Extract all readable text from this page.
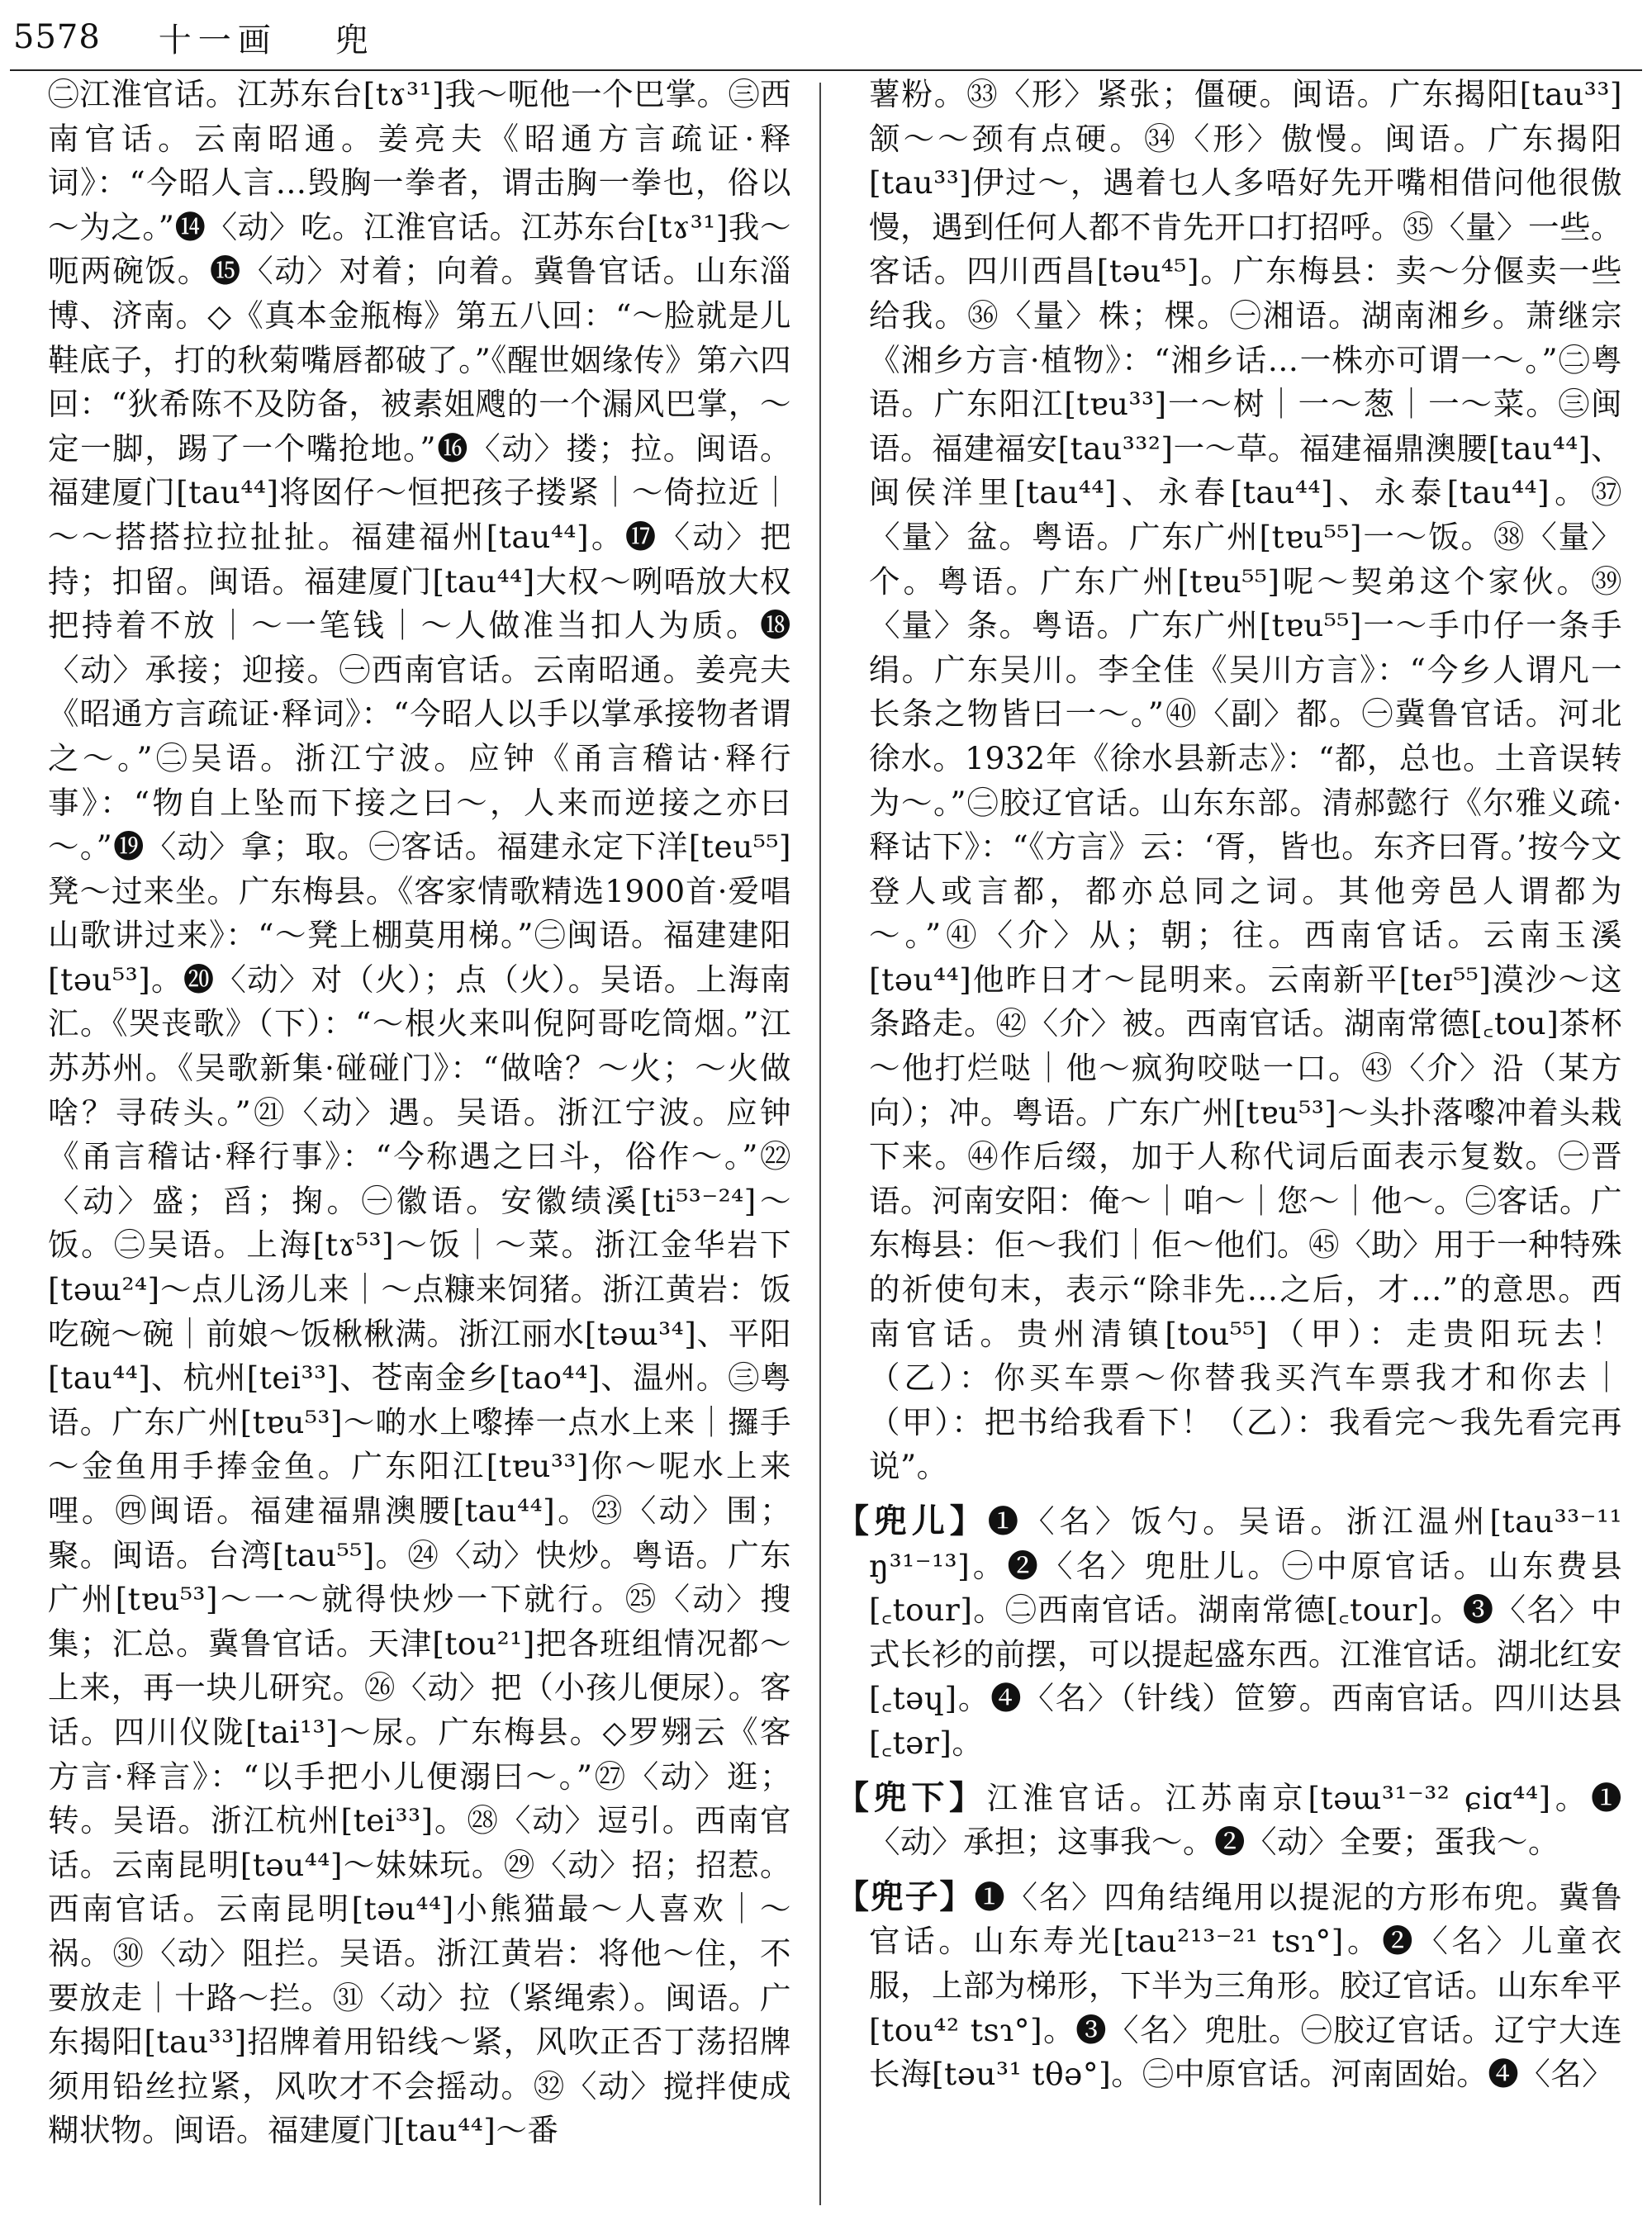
5578 十一画 兜

㊁江淮官话。江苏东台[tɤ³¹]我～呃他一个巴掌。㊂西南官话。云南昭通。姜亮夫《昭通方言疏证·释词》：“今昭人言…毁胸一拳者，谓击胸一拳也，俗以～为之。”⓮〈动〉吃。江淮官话。江苏东台[tɤ³¹]我～呃两碗饭。⓯〈动〉对着；向着。冀鲁官话。山东淄博、济南。◇《真本金瓶梅》第五八回：“～脸就是儿鞋底子，打的秋菊嘴唇都破了。”《醒世姻缘传》第六四回：“狄希陈不及防备，被素姐飕的一个漏风巴掌，～定一脚，踢了一个嘴抢地。”⓰〈动〉搂；拉。闽语。福建厦门[tau⁴⁴]将囡仔～恒把孩子搂紧｜～倚拉近｜～～搭搭拉拉扯扯。福建福州[tau⁴⁴]。⓱〈动〉把持；扣留。闽语。福建厦门[tau⁴⁴]大权～咧唔放大权把持着不放｜～一笔钱｜～人做准当扣人为质。⓲〈动〉承接；迎接。㊀西南官话。云南昭通。姜亮夫《昭通方言疏证·释词》：“今昭人以手以掌承接物者谓之～。”㊁吴语。浙江宁波。应钟《甬言稽诂·释行事》：“物自上坠而下接之曰～，人来而逆接之亦曰～。”⓳〈动〉拿；取。㊀客话。福建永定下洋[teu⁵⁵]凳～过来坐。广东梅县。《客家情歌精选1900首·爱唱山歌讲过来》：“～凳上棚莫用梯。”㊁闽语。福建建阳[təu⁵³]。⓴〈动〉对（火）；点（火）。吴语。上海南汇。《哭丧歌》（下）：“～根火来叫倪阿哥吃筒烟。”江苏苏州。《吴歌新集·碰碰门》：“做啥？～火；～火做啥？寻砖头。”㉑〈动〉遇。吴语。浙江宁波。应钟《甬言稽诂·释行事》：“今称遇之曰斗，俗作～。”㉒〈动〉盛；舀；掬。㊀徽语。安徽绩溪[ti⁵³⁻²⁴]～饭。㊁吴语。上海[tɤ⁵³]～饭｜～菜。浙江金华岩下[təɯ²⁴]～点儿汤儿来｜～点糠来饲猪。浙江黄岩：饭吃碗～碗｜前娘～饭楸楸满。浙江丽水[təɯ³⁴]、平阳[tau⁴⁴]、杭州[tei³³]、苍南金乡[tao⁴⁴]、温州。㊂粤语。广东广州[tɐu⁵³]～啲水上嚟捧一点水上来｜攞手～金鱼用手捧金鱼。广东阳江[tɐu³³]你～呢水上来哩。㊃闽语。福建福鼎澳腰[tau⁴⁴]。㉓〈动〉围；聚。闽语。台湾[tau⁵⁵]。㉔〈动〉快炒。粤语。广东广州[tɐu⁵³]～一～就得快炒一下就行。㉕〈动〉搜集；汇总。冀鲁官话。天津[tou²¹]把各班组情况都～上来，再一块儿研究。㉖〈动〉把（小孩儿便尿）。客话。四川仪陇[tai¹³]～尿。广东梅县。◇罗翙云《客方言·释言》：“以手把小儿便溺曰～。”㉗〈动〉逛；转。吴语。浙江杭州[tei³³]。㉘〈动〉逗引。西南官话。云南昆明[təu⁴⁴]～妹妹玩。㉙〈动〉招；招惹。西南官话。云南昆明[təu⁴⁴]小熊猫最～人喜欢｜～祸。㉚〈动〉阻拦。吴语。浙江黄岩：将他～住，不要放走｜十路～拦。㉛〈动〉拉（紧绳索）。闽语。广东揭阳[tau³³]招牌着用铅线～紧，风吹正否丁荡招牌须用铅丝拉紧，风吹才不会摇动。㉜〈动〉搅拌使成糊状物。闽语。福建厦门[tau⁴⁴]～番

薯粉。㉝〈形〉紧张；僵硬。闽语。广东揭阳[tau³³]颔～～颈有点硬。㉞〈形〉傲慢。闽语。广东揭阳[tau³³]伊过～，遇着乜人多唔好先开嘴相借问他很傲慢，遇到任何人都不肯先开口打招呼。㉟〈量〉一些。客话。四川西昌[təu⁴⁵]。广东梅县：卖～分偃卖一些给我。㊱〈量〉株；棵。㊀湘语。湖南湘乡。萧继宗《湘乡方言·植物》：“湘乡话…一株亦可谓一～。”㊁粤语。广东阳江[tɐu³³]一～树｜一～葱｜一～菜。㊂闽语。福建福安[tau³³²]一～草。福建福鼎澳腰[tau⁴⁴]、闽侯洋里[tau⁴⁴]、永春[tau⁴⁴]、永泰[tau⁴⁴]。㊲〈量〉盆。粤语。广东广州[tɐu⁵⁵]一～饭。㊳〈量〉个。粤语。广东广州[tɐu⁵⁵]呢～契弟这个家伙。㊴〈量〉条。粤语。广东广州[tɐu⁵⁵]一～手巾仔一条手绢。广东吴川。李全佳《吴川方言》：“今乡人谓凡一长条之物皆曰一～。”㊵〈副〉都。㊀冀鲁官话。河北徐水。1932年《徐水县新志》：“都，总也。土音误转为～。”㊁胶辽官话。山东东部。清郝懿行《尔雅义疏·释诂下》：“《方言》云：‘胥，皆也。东齐曰胥。’按今文登人或言都，都亦总同之词。其他旁邑人谓都为～。”㊶〈介〉从；朝；往。西南官话。云南玉溪[təu⁴⁴]他昨日才～昆明来。云南新平[teɪ⁵⁵]漠沙～这条路走。㊷〈介〉被。西南官话。湖南常德[꜀tou]茶杯～他打烂哒｜他～疯狗咬哒一口。㊸〈介〉沿（某方向）；冲。粤语。广东广州[tɐu⁵³]～头扑落嚟冲着头栽下来。㊹作后缀，加于人称代词后面表示复数。㊀晋语。河南安阳：俺～｜咱～｜您～｜他～。㊁客话。广东梅县：佢～我们｜佢～他们。㊺〈助〉用于一种特殊的祈使句末，表示“除非先…之后，才…”的意思。西南官话。贵州清镇[tou⁵⁵]（甲）：走贵阳玩去！（乙）：你买车票～你替我买汽车票我才和你去｜（甲）：把书给我看下！（乙）：我看完～我先看完再说”。

【兜儿】❶〈名〉饭勺。吴语。浙江温州[tau³³⁻¹¹ ŋ³¹⁻¹³]。❷〈名〉兜肚儿。㊀中原官话。山东费县[꜀tour]。㊁西南官话。湖南常德[꜀tour]。❸〈名〉中式长衫的前摆，可以提起盛东西。江淮官话。湖北红安[꜀təɥ]。❹〈名〉（针线）笸箩。西南官话。四川达县[꜀tər]。
【兜下】江淮官话。江苏南京[təɯ³¹⁻³² ɕiɑ⁴⁴]。❶〈动〉承担；这事我～。❷〈动〉全要；蛋我～。
【兜子】❶〈名〉四角结绳用以提泥的方形布兜。冀鲁官话。山东寿光[tau²¹³⁻²¹ tsɿ°]。❷〈名〉儿童衣服，上部为梯形，下半为三角形。胶辽官话。山东牟平[tou⁴² tsɿ°]。❸〈名〉兜肚。㊀胶辽官话。辽宁大连长海[təu³¹ tθə°]。㊁中原官话。河南固始。❹〈名〉
